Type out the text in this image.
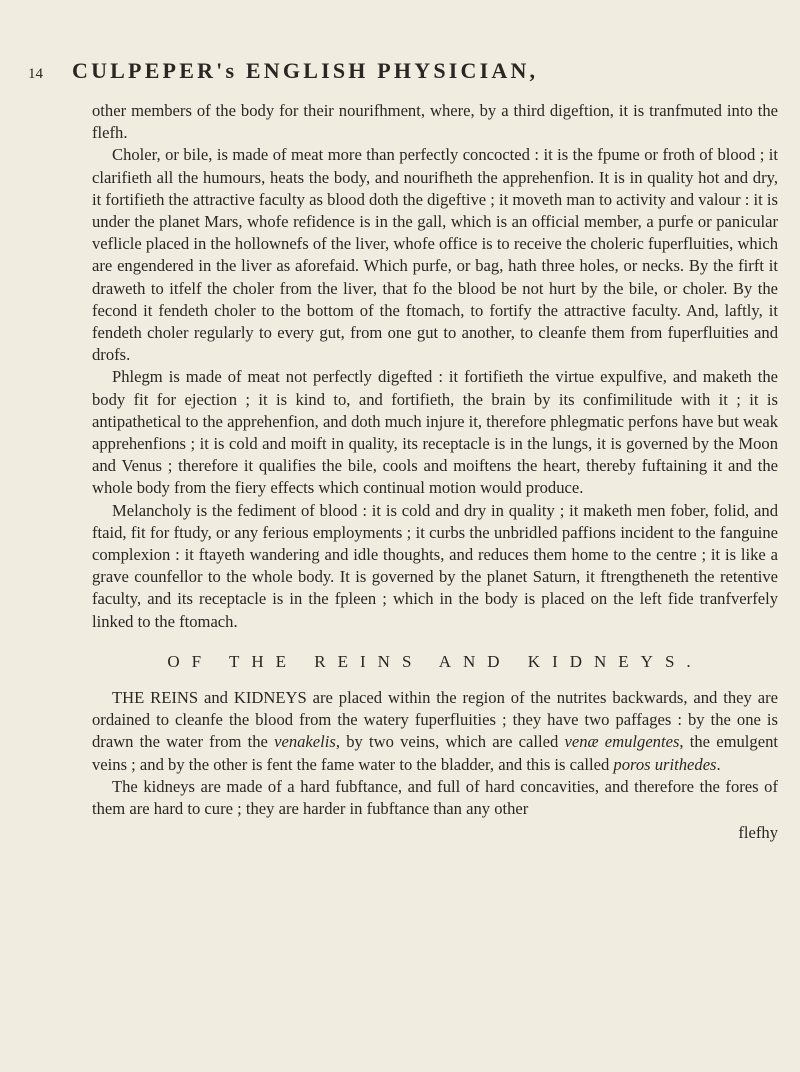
14	CULPEPER's ENGLISH PHYSICIAN,

other members of the body for their nourifhment, where, by a third digeftion, it is tranfmuted into the flefh.

Choler, or bile, is made of meat more than perfectly concocted : it is the fpume or froth of blood ; it clarifieth all the humours, heats the body, and nourifheth the apprehenfion. It is in quality hot and dry, it fortifieth the attractive faculty as blood doth the digeftive ; it moveth man to activity and valour : it is under the planet Mars, whofe refidence is in the gall, which is an official member, a purfe or panicular veflicle placed in the hollownefs of the liver, whofe office is to receive the choleric fuperfluities, which are engendered in the liver as aforefaid. Which purfe, or bag, hath three holes, or necks. By the firft it draweth to itfelf the choler from the liver, that fo the blood be not hurt by the bile, or choler. By the fecond it fendeth choler to the bottom of the ftomach, to fortify the attractive faculty. And, laftly, it fendeth choler regularly to every gut, from one gut to another, to cleanfe them from fuperfluities and drofs.

Phlegm is made of meat not perfectly digefted : it fortifieth the virtue expulfive, and maketh the body fit for ejection ; it is kind to, and fortifieth, the brain by its confimilitude with it ; it is antipathetical to the apprehenfion, and doth much injure it, therefore phlegmatic perfons have but weak apprehenfions ; it is cold and moift in quality, its receptacle is in the lungs, it is governed by the Moon and Venus ; therefore it qualifies the bile, cools and moiftens the heart, thereby fuftaining it and the whole body from the fiery effects which continual motion would produce.

Melancholy is the fediment of blood : it is cold and dry in quality ; it maketh men fober, folid, and ftaid, fit for ftudy, or any ferious employments ; it curbs the unbridled paffions incident to the fanguine complexion : it ftayeth wandering and idle thoughts, and reduces them home to the centre ; it is like a grave counfellor to the whole body. It is governed by the planet Saturn, it ftrengtheneth the retentive faculty, and its receptacle is in the fpleen ; which in the body is placed on the left fide tranfverfely linked to the ftomach.

OF THE REINS AND KIDNEYS.

THE REINS and KIDNEYS are placed within the region of the nutrites backwards, and they are ordained to cleanfe the blood from the watery fuperfluities ; they have two paffages : by the one is drawn the water from the venakelis, by two veins, which are called venæ emulgentes, the emulgent veins ; and by the other is fent the fame water to the bladder, and this is called poros urithedes.

The kidneys are made of a hard fubftance, and full of hard concavities, and therefore the fores of them are hard to cure ; they are harder in fubftance than any other

flefhy
